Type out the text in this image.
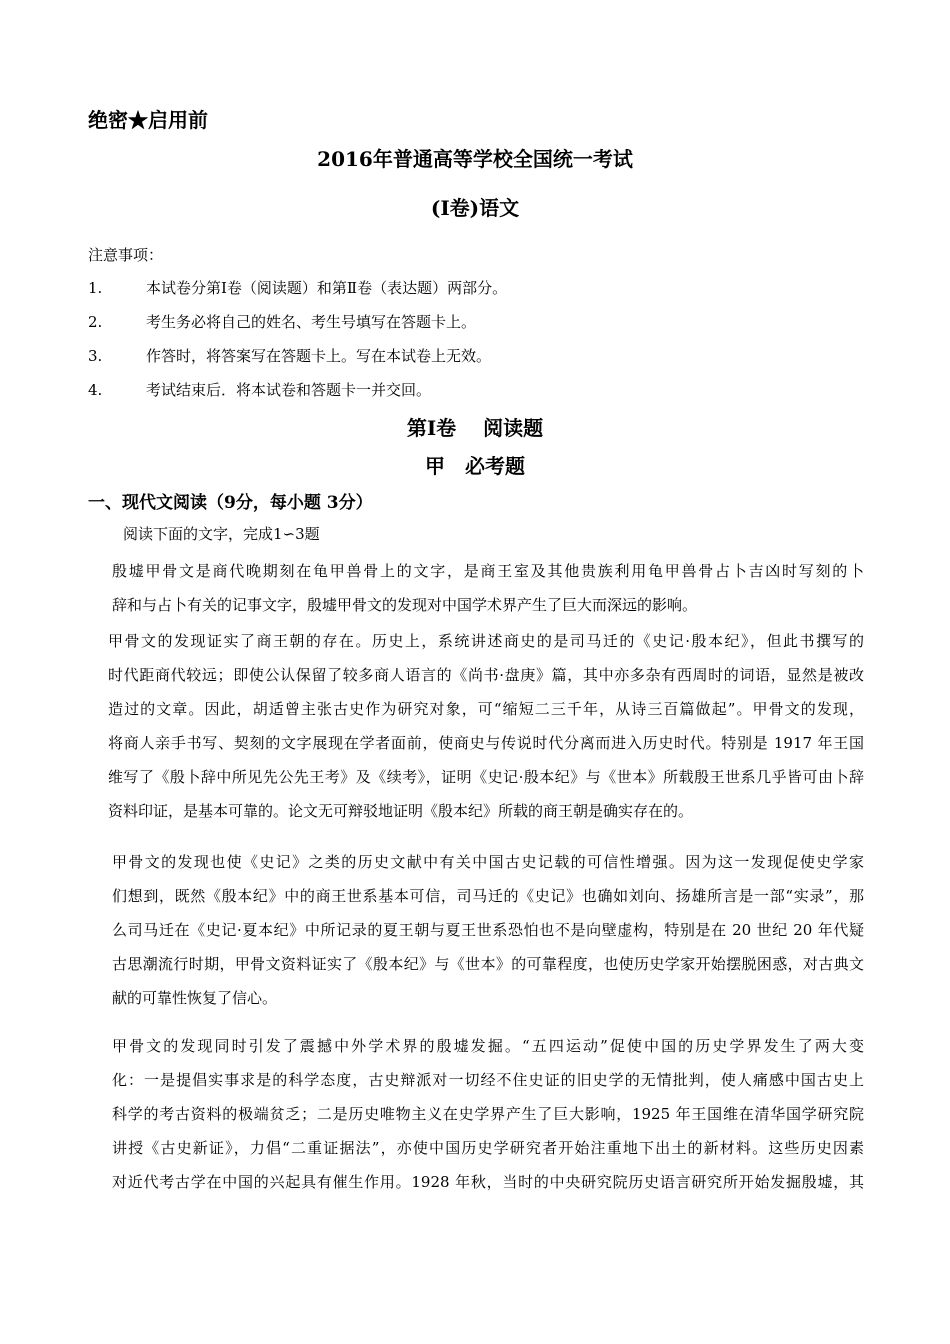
绝密★启用前
2016年普通高等学校全国统一考试
(Ⅰ卷)语文
注意事项：
1.	本试卷分第Ⅰ卷（阅读题）和第Ⅱ卷（表达题）两部分。
2.	考生务必将自己的姓名、考生号填写在答题卡上。
3.	作答时，将答案写在答题卡上。写在本试卷上无效。
4.	考试结束后．将本试卷和答题卡一并交回。
第Ⅰ卷　 阅读题
甲　必考题
一、现代文阅读（9分，每小题 3分）
阅读下面的文字，完成1∽3题
殷墟甲骨文是商代晚期刻在龟甲兽骨上的文字，是商王室及其他贵族利用龟甲兽骨占卜吉凶时写刻的卜
辞和与占卜有关的记事文字，殷墟甲骨文的发现对中国学术界产生了巨大而深远的影响。
甲骨文的发现证实了商王朝的存在。历史上，系统讲述商史的是司马迁的《史记·殷本纪》，但此书撰写的
时代距商代较远；即使公认保留了较多商人语言的《尚书·盘庚》篇，其中亦多杂有西周时的词语，显然是被改
造过的文章。因此，胡适曾主张古史作为研究对象，可“缩短二三千年，从诗三百篇做起”。甲骨文的发现，
将商人亲手书写、契刻的文字展现在学者面前，使商史与传说时代分离而进入历史时代。特别是 1917 年王国
维写了《殷卜辞中所见先公先王考》及《续考》，证明《史记·殷本纪》与《世本》所载殷王世系几乎皆可由卜辞
资料印证，是基本可靠的。论文无可辩驳地证明《殷本纪》所载的商王朝是确实存在的。
甲骨文的发现也使《史记》之类的历史文献中有关中国古史记载的可信性增强。因为这一发现促使史学家
们想到，既然《殷本纪》中的商王世系基本可信，司马迁的《史记》也确如刘向、扬雄所言是一部“实录”，那
么司马迁在《史记·夏本纪》中所记录的夏王朝与夏王世系恐怕也不是向壁虚构，特别是在 20 世纪 20 年代疑
古思潮流行时期，甲骨文资料证实了《殷本纪》与《世本》的可靠程度，也使历史学家开始摆脱困惑，对古典文
献的可靠性恢复了信心。
甲骨文的发现同时引发了震撼中外学术界的殷墟发掘。“五四运动”促使中国的历史学界发生了两大变
化：一是提倡实事求是的科学态度，古史辩派对一切经不住史证的旧史学的无情批判，使人痛感中国古史上
科学的考古资料的极端贫乏；二是历史唯物主义在史学界产生了巨大影响，1925 年王国维在清华国学研究院
讲授《古史新证》，力倡“二重证据法”，亦使中国历史学研究者开始注重地下出土的新材料。这些历史因素
对近代考古学在中国的兴起具有催生作用。1928 年秋，当时的中央研究院历史语言研究所开始发掘殷墟，其
